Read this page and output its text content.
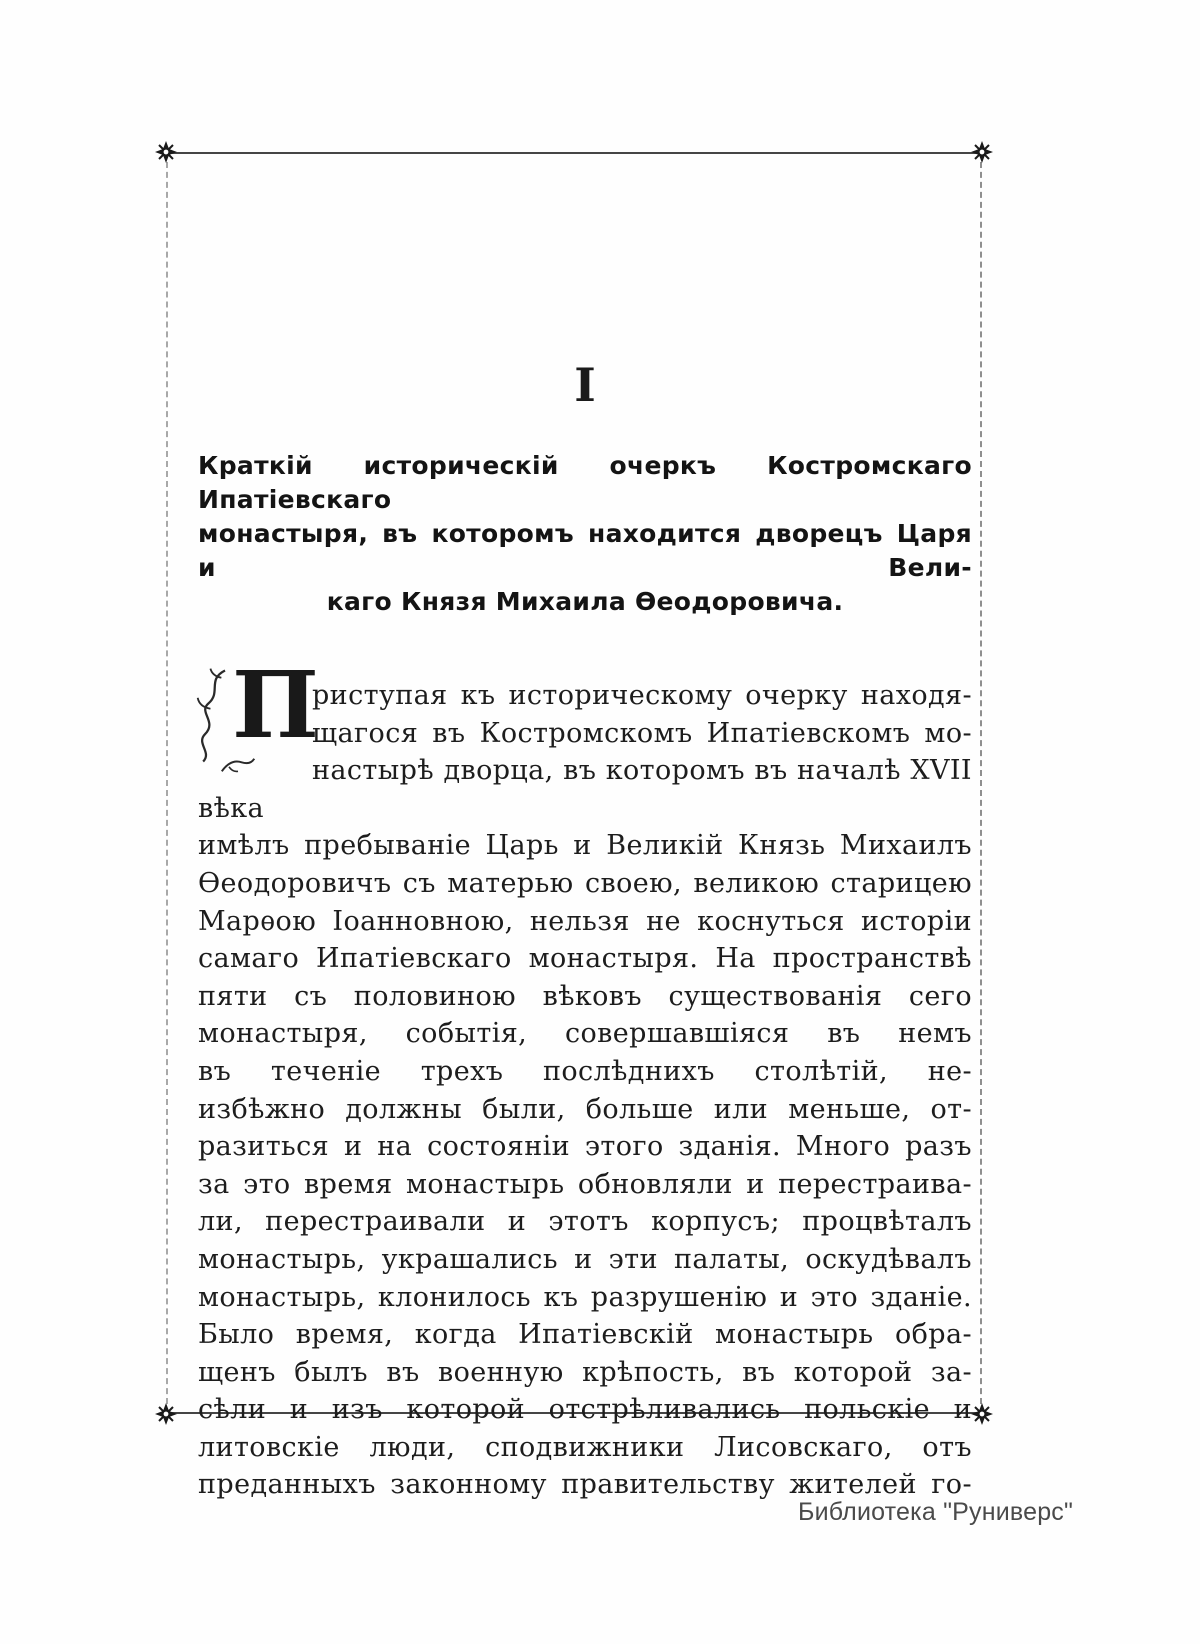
I
Краткій историческій очеркъ Костромскаго Ипатіевскаго
монастыря, въ которомъ находится дворецъ Царя и Вели-
каго Князя Михаила Ѳеодоровича.
П
риступая къ историческому очерку находя-
щагося въ Костромскомъ Ипатіевскомъ мо-
настырѣ дворца, въ которомъ въ началѣ XVII вѣка
имѣлъ пребываніе Царь и Великій Князь Михаилъ
Ѳеодоровичъ съ матерью своею, великою старицею
Марѳою Іоанновною, нельзя не коснуться исторіи
самаго Ипатіевскаго монастыря. На пространствѣ
пяти съ половиною вѣковъ существованія сего
монастыря, событія, совершавшіяся въ немъ
въ теченіе трехъ послѣднихъ столѣтій, не-
избѣжно должны были, больше или меньше, от-
разиться и на состояніи этого зданія. Много разъ
за это время монастырь обновляли и перестраива-
ли, перестраивали и этотъ корпусъ; процвѣталъ
монастырь, украшались и эти палаты, оскудѣвалъ
монастырь, клонилось къ разрушенію и это зданіе.
Было время, когда Ипатіевскій монастырь обра-
щенъ былъ въ военную крѣпость, въ которой за-
сѣли и изъ которой отстрѣливались польскіе и
литовскіе люди, сподвижники Лисовскаго, отъ
преданныхъ законному правительству жителей го-
Библиотека "Руниверс"
